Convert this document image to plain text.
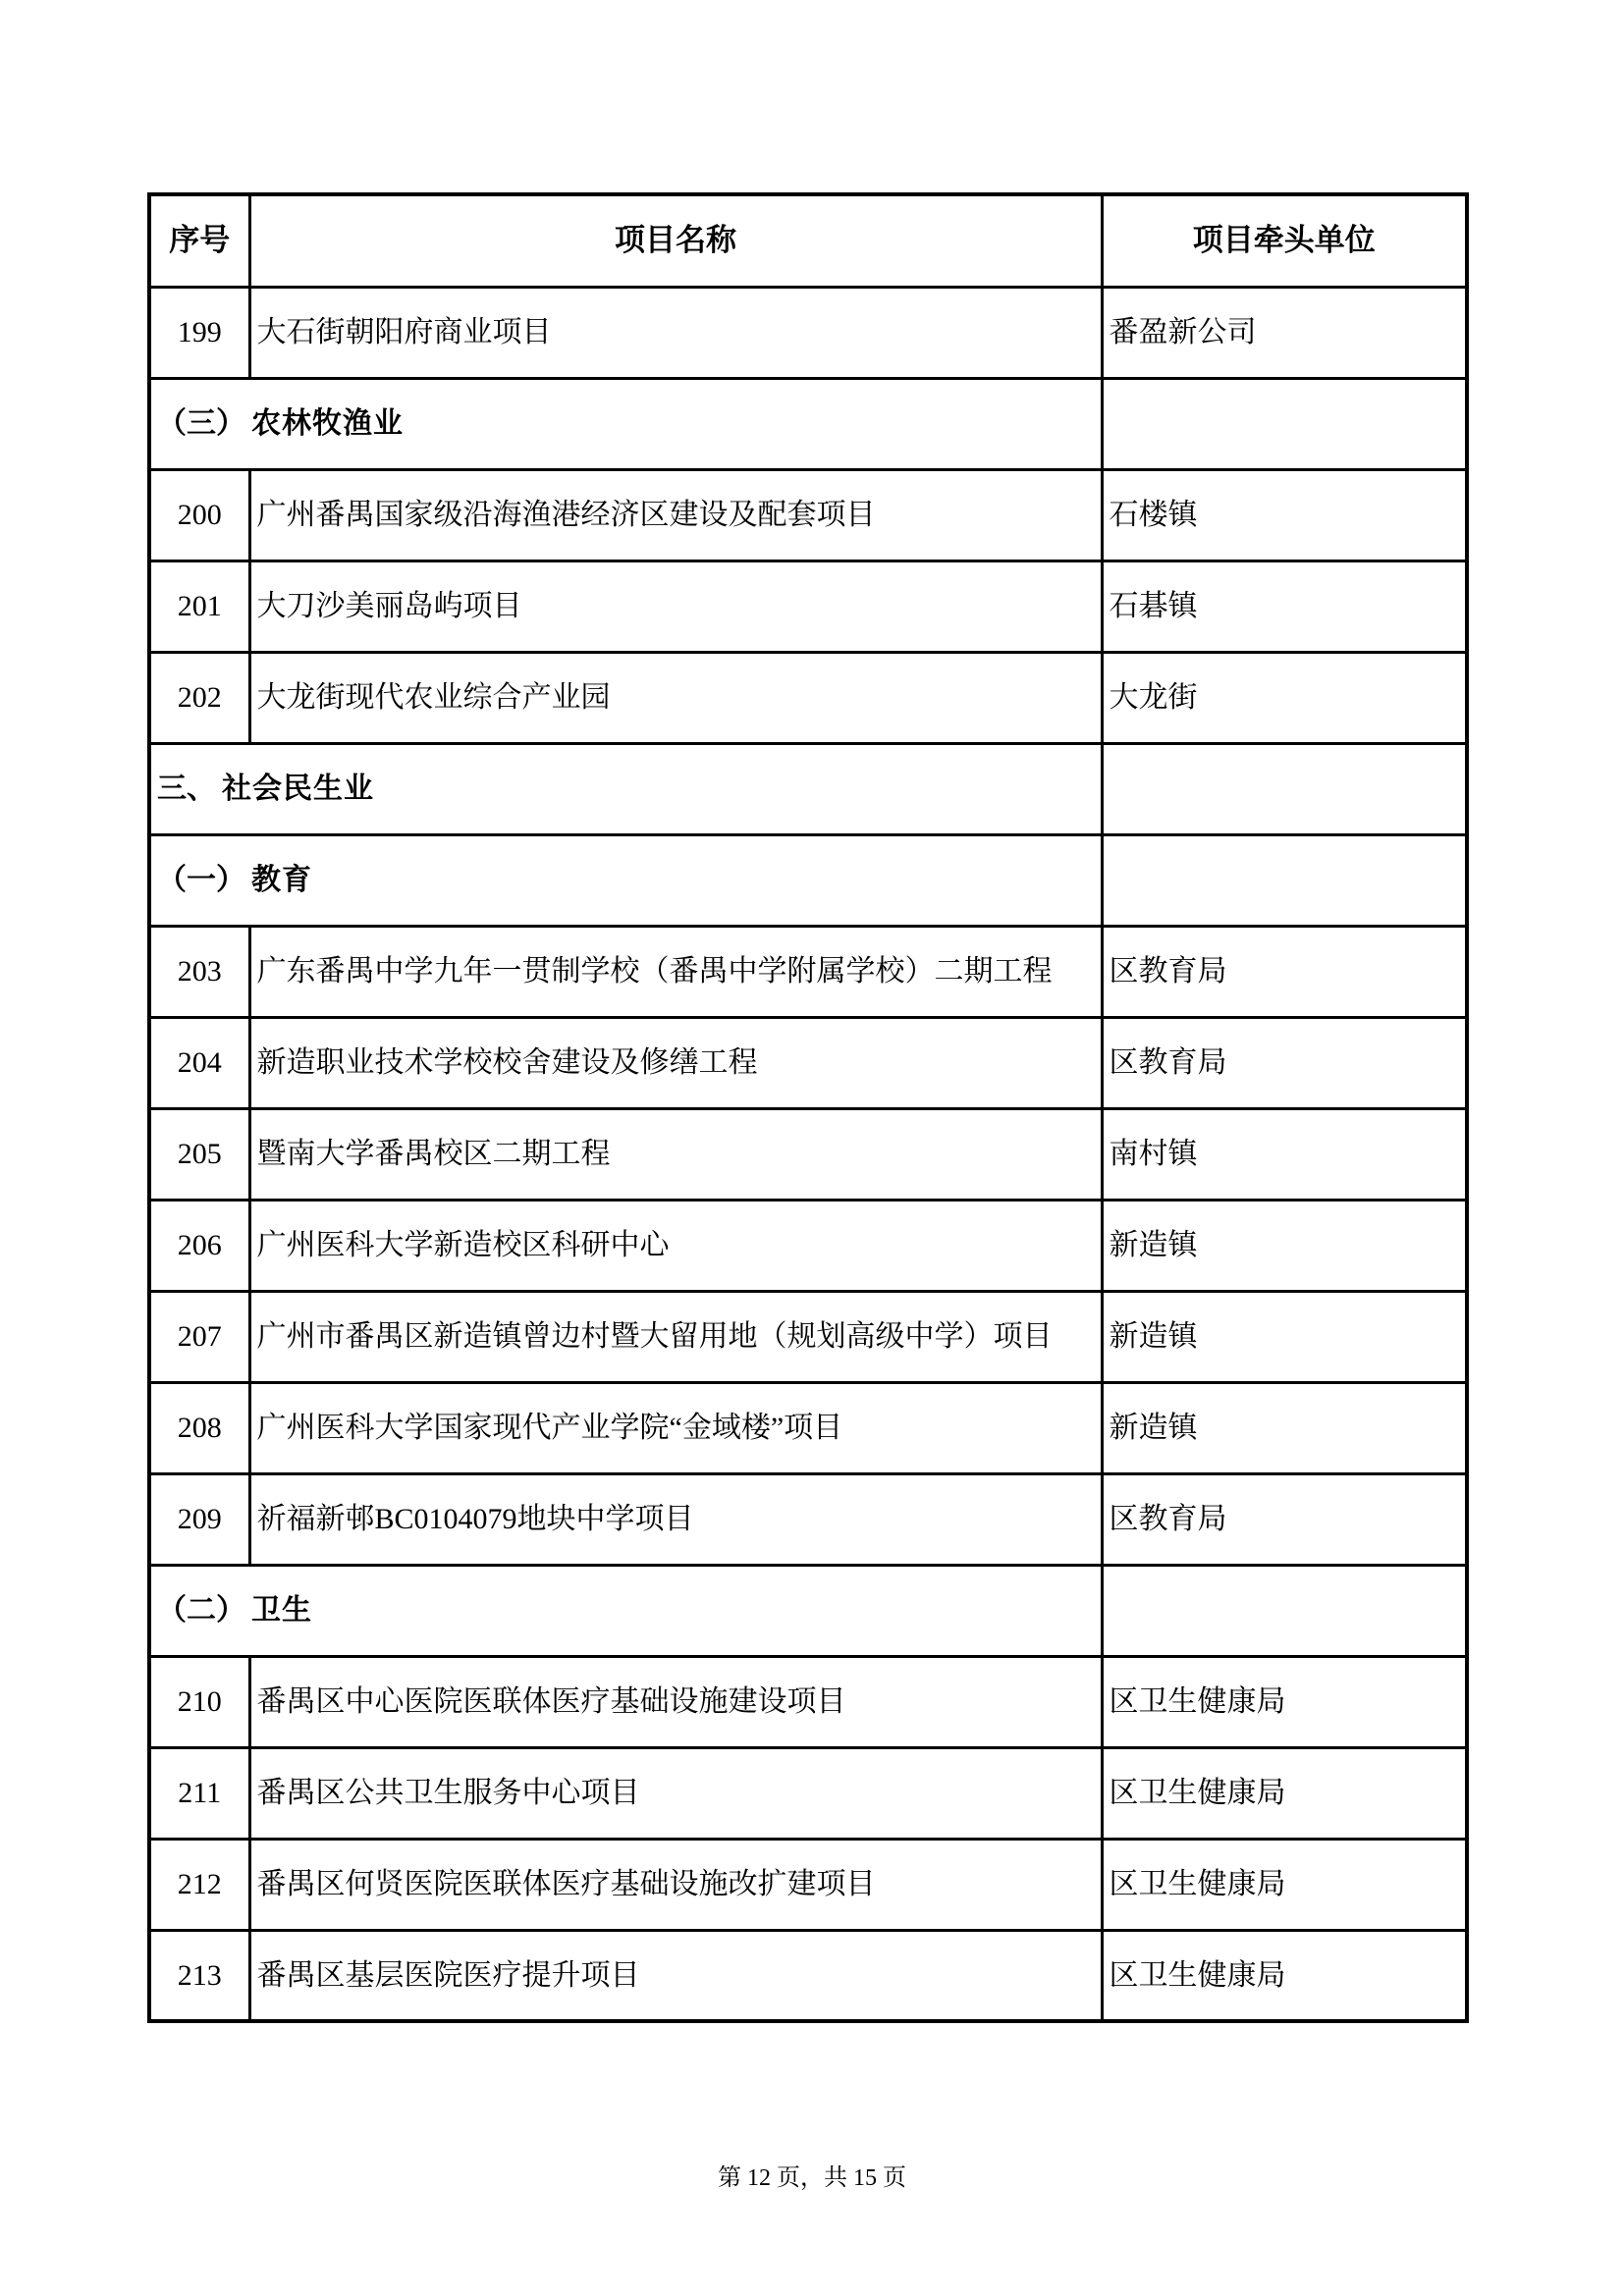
序号	项目名称	项目牵头单位
199	大石街朝阳府商业项目	番盈新公司
（三） 农林牧渔业		
200	广州番禺国家级沿海渔港经济区建设及配套项目	石楼镇
201	大刀沙美丽岛屿项目	石碁镇
202	大龙街现代农业综合产业园	大龙街
三、 社会民生业		
（一） 教育		
203	广东番禺中学九年一贯制学校（番禺中学附属学校）二期工程	区教育局
204	新造职业技术学校校舍建设及修缮工程	区教育局
205	暨南大学番禺校区二期工程	南村镇
206	广州医科大学新造校区科研中心	新造镇
207	广州市番禺区新造镇曾边村暨大留用地（规划高级中学）项目	新造镇
208	广州医科大学国家现代产业学院“金域楼”项目	新造镇
209	祈福新邨BC0104079地块中学项目	区教育局
（二） 卫生		
210	番禺区中心医院医联体医疗基础设施建设项目	区卫生健康局
211	番禺区公共卫生服务中心项目	区卫生健康局
212	番禺区何贤医院医联体医疗基础设施改扩建项目	区卫生健康局
213	番禺区基层医院医疗提升项目	区卫生健康局
第 12 页，共 15 页
